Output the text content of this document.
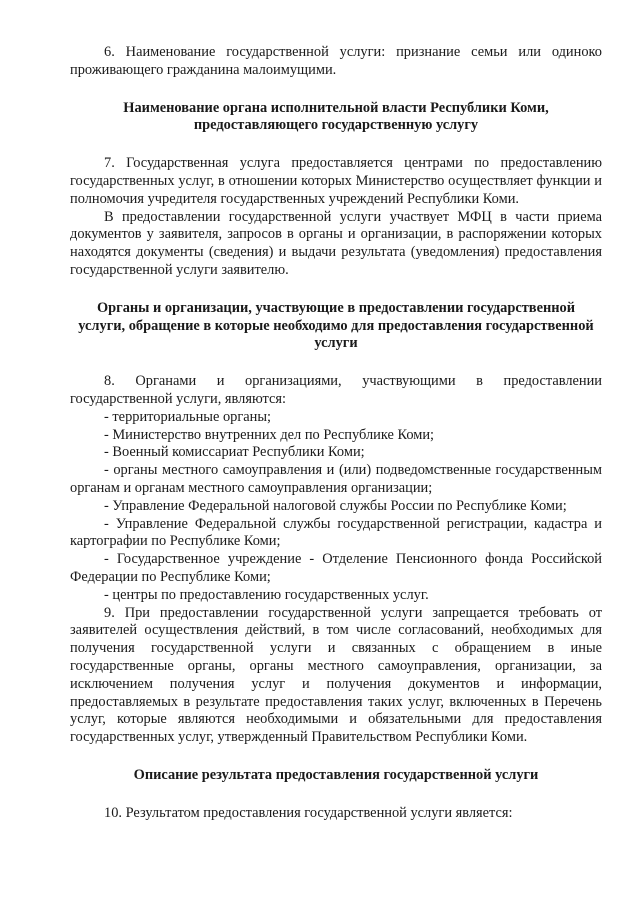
6. Наименование государственной услуги: признание семьи или одиноко проживающего гражданина малоимущими.

Наименование органа исполнительной власти Республики Коми, предоставляющего государственную услугу

7. Государственная услуга предоставляется центрами по предоставлению государственных услуг, в отношении которых Министерство осуществляет функции и полномочия учредителя государственных учреждений Республики Коми.

В предоставлении государственной услуги участвует МФЦ в части приема документов у заявителя, запросов в органы и организации, в распоряжении которых находятся документы (сведения) и выдачи результата (уведомления) предоставления государственной услуги заявителю.

Органы и организации, участвующие в предоставлении государственной услуги, обращение в которые необходимо для предоставления государственной услуги

8. Органами и организациями, участвующими в предоставлении государственной услуги, являются:

- территориальные органы;

- Министерство внутренних дел по Республике Коми;

- Военный комиссариат Республики Коми;

- органы местного самоуправления и (или) подведомственные государственным органам и органам местного самоуправления организации;

- Управление Федеральной налоговой службы России по Республике Коми;

- Управление Федеральной службы государственной регистрации, кадастра и картографии по Республике Коми;

- Государственное учреждение - Отделение Пенсионного фонда Российской Федерации по Республике Коми;

- центры по предоставлению государственных услуг.

9. При предоставлении государственной услуги запрещается требовать от заявителей осуществления действий, в том числе согласований, необходимых для получения государственной услуги и связанных с обращением в иные государственные органы, органы местного самоуправления, организации, за исключением получения услуг и получения документов и информации, предоставляемых в результате предоставления таких услуг, включенных в Перечень услуг, которые являются необходимыми и обязательными для предоставления государственных услуг, утвержденный Правительством Республики Коми.

Описание результата предоставления государственной услуги

10. Результатом предоставления государственной услуги является:
